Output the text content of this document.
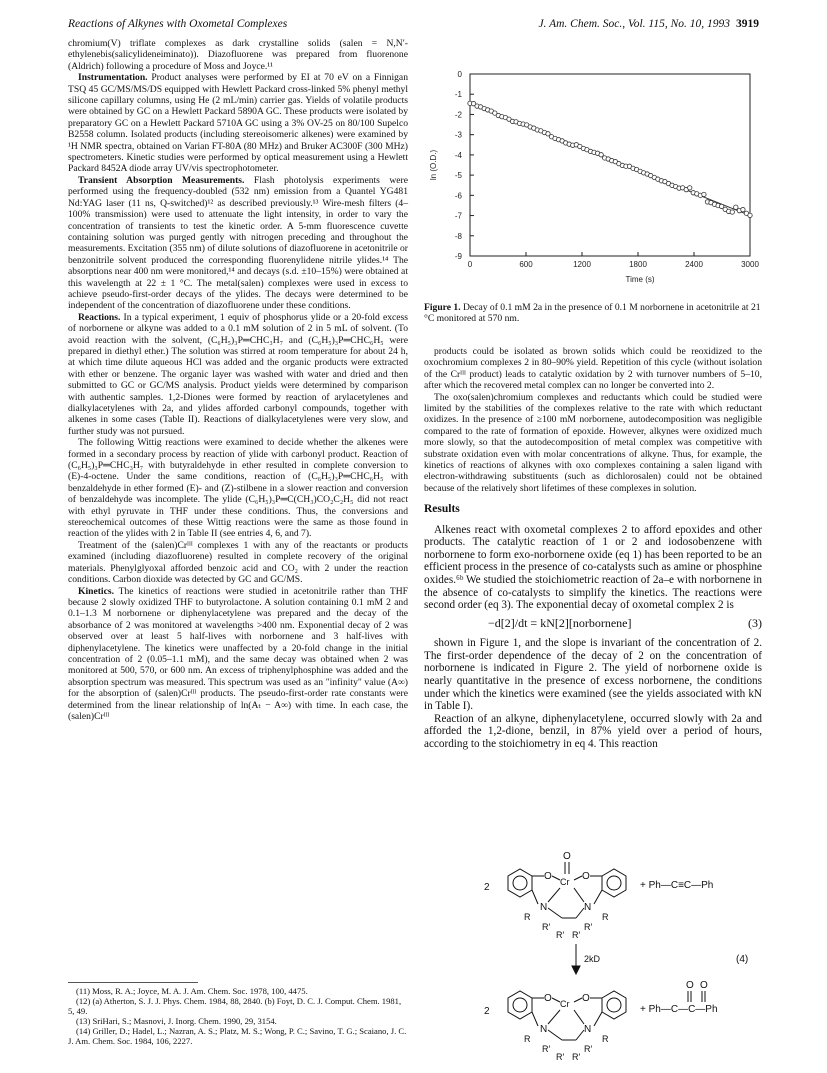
Reactions of Alkynes with Oxometal Complexes	J. Am. Chem. Soc., Vol. 115, No. 10, 1993 3919

chromium(V) triflate complexes as dark crystalline solids (salen = N,N′-ethylenebis(salicylideneiminato)). Diazofluorene was prepared from fluorenone (Aldrich) following a procedure of Moss and Joyce.¹¹

Instrumentation. Product analyses were performed by EI at 70 eV on a Finnigan TSQ 45 GC/MS/MS/DS equipped with Hewlett Packard cross-linked 5% phenyl methyl silicone capillary columns, using He (2 mL/min) carrier gas. Yields of volatile products were obtained by GC on a Hewlett Packard 5890A GC. These products were isolated by preparatory GC on a Hewlett Packard 5710A GC using a 3% OV-25 on 80/100 Supelco B2558 column. Isolated products (including stereoisomeric alkenes) were examined by ¹H NMR spectra, obtained on Varian FT-80A (80 MHz) and Bruker AC300F (300 MHz) spectrometers. Kinetic studies were performed by optical measurement using a Hewlett Packard 8452A diode array UV/vis spectrophotometer.

Transient Absorption Measurements. Flash photolysis experiments were performed using the frequency-doubled (532 nm) emission from a Quantel YG481 Nd:YAG laser (11 ns, Q-switched)¹² as described previously.¹³ Wire-mesh filters (4–100% transmission) were used to attenuate the light intensity, in order to vary the concentration of transients to test the kinetic order. A 5-mm fluorescence cuvette containing solution was purged gently with nitrogen preceding and throughout the measurements. Excitation (355 nm) of dilute solutions of diazofluorene in acetonitrile or benzonitrile solvent produced the corresponding fluorenylidene nitrile ylides.¹⁴ The absorptions near 400 nm were monitored,¹⁴ and decays (s.d. ±10–15%) were obtained at this wavelength at 22 ± 1 °C. The metal(salen) complexes were used in excess to achieve pseudo-first-order decays of the ylides. The decays were determined to be independent of the concentration of diazofluorene under these conditions.

Reactions. In a typical experiment, 1 equiv of phosphorus ylide or a 20-fold excess of norbornene or alkyne was added to a 0.1 mM solution of 2 in 5 mL of solvent. (To avoid reaction with the solvent, (C₆H₅)₃P═CHC₃H₇ and (C₆H₅)₃P═CHC₆H₅ were prepared in diethyl ether.) The solution was stirred at room temperature for about 24 h, at which time dilute aqueous HCl was added and the organic products were extracted with ether or benzene. The organic layer was washed with water and dried and then submitted to GC or GC/MS analysis. Product yields were determined by comparison with authentic samples. 1,2-Diones were formed by reaction of arylacetylenes and dialkylacetylenes with 2a, and ylides afforded carbonyl compounds, together with alkenes in some cases (Table II). Reactions of dialkylacetylenes were very slow, and further study was not pursued.

The following Wittig reactions were examined to decide whether the alkenes were formed in a secondary process by reaction of ylide with carbonyl product. Reaction of (C₆H₅)₃P═CHC₃H₇ with butyraldehyde in ether resulted in complete conversion to (E)-4-octene. Under the same conditions, reaction of (C₆H₅)₃P═CHC₆H₅ with benzaldehyde in ether formed (E)- and (Z)-stilbene in a slower reaction and conversion of benzaldehyde was incomplete. The ylide (C₆H₅)₃P═C(CH₃)CO₂C₂H₅ did not react with ethyl pyruvate in THF under these conditions. Thus, the conversions and stereochemical outcomes of these Wittig reactions were the same as those found in reaction of the ylides with 2 in Table II (see entries 4, 6, and 7).

Treatment of the (salen)Crᴵᴵᴵ complexes 1 with any of the reactants or products examined (including diazofluorene) resulted in complete recovery of the original materials. Phenylglyoxal afforded benzoic acid and CO₂ with 2 under the reaction conditions. Carbon dioxide was detected by GC and GC/MS.

Kinetics. The kinetics of reactions were studied in acetonitrile rather than THF because 2 slowly oxidized THF to butyrolactone. A solution containing 0.1 mM 2 and 0.1–1.3 M norbornene or diphenylacetylene was prepared and the decay of the absorbance of 2 was monitored at wavelengths >400 nm. Exponential decay of 2 was observed over at least 5 half-lives with norbornene and 3 half-lives with diphenylacetylene. The kinetics were unaffected by a 20-fold change in the initial concentration of 2 (0.05–1.1 mM), and the same decay was obtained when 2 was monitored at 500, 570, or 600 nm. An excess of triphenylphosphine was added and the absorption spectrum was measured. This spectrum was used as an "infinity" value (A∞) for the absorption of (salen)Crᴵᴵᴵ products. The pseudo-first-order rate constants were determined from the linear relationship of ln(Aₜ − A∞) with time. In each case, the (salen)Crᴵᴵᴵ

(11) Moss, R. A.; Joyce, M. A. J. Am. Chem. Soc. 1978, 100, 4475.
(12) (a) Atherton, S. J. J. Phys. Chem. 1984, 88, 2840. (b) Foyt, D. C. J. Comput. Chem. 1981, 5, 49.
(13) SriHari, S.; Masnovi, J. Inorg. Chem. 1990, 29, 3154.
(14) Griller, D.; Hadel, L.; Nazran, A. S.; Platz, M. S.; Wong, P. C.; Savino, T. G.; Scaiano, J. C. J. Am. Chem. Soc. 1984, 106, 2227.
0
-1
-2
-3
-4
-5
-6
-7
-8
-9
0	600	1200	1800	2400	3000
Time (s)
ln (O.D.)
Figure 1. Decay of 0.1 mM 2a in the presence of 0.1 M norbornene in acetonitrile at 21 °C monitored at 570 nm.

products could be isolated as brown solids which could be reoxidized to the oxochromium complexes 2 in 80–90% yield. Repetition of this cycle (without isolation of the Crᴵᴵᴵ product) leads to catalytic oxidation by 2 with turnover numbers of 5–10, after which the recovered metal complex can no longer be converted into 2.

The oxo(salen)chromium complexes and reductants which could be studied were limited by the stabilities of the complexes relative to the rate with which reductant oxidizes. In the presence of ≥100 mM norbornene, autodecomposition was negligible compared to the rate of formation of epoxide. However, alkynes were oxidized much more slowly, so that the autodecomposition of metal complex was competitive with substrate oxidation even with molar concentrations of alkyne. Thus, for example, the kinetics of reactions of alkynes with oxo complexes containing a salen ligand with electron-withdrawing substituents (such as dichlorosalen) could not be obtained because of the relatively short lifetimes of these complexes in solution.

Results

Alkenes react with oxometal complexes 2 to afford epoxides and other products. The catalytic reaction of 1 or 2 and iodosobenzene with norbornene to form exo-norbornene oxide (eq 1) has been reported to be an efficient process in the presence of co-catalysts such as amine or phosphine oxides.⁶ᵇ We studied the stoichiometric reaction of 2a–e with norbornene in the absence of co-catalysts to simplify the kinetics. The reactions were second order (eq 3). The exponential decay of oxometal complex 2 is

−d[2]/dt = kN[2][norbornene]	(3)

shown in Figure 1, and the slope is invariant of the concentration of 2. The first-order dependence of the decay of 2 on the concentration of norbornene is indicated in Figure 2. The yield of norbornene oxide is nearly quantitative in the presence of excess norbornene, the conditions under which the kinetics were examined (see the yields associated with kN in Table I).

Reaction of an alkyne, diphenylacetylene, occurred slowly with 2a and afforded the 1,2-dione, benzil, in 87% yield over a period of hours, according to the stoichiometry in eq 4. This reaction

2
O Cr O
O
N	N
R
R′
R′ R′
R′
R
+ Ph—C≡C—Ph
2kD	(4)
2
O Cr O
N	N
R
R′
R′ R′
R′
R
+ Ph—C—C—Ph
O O
